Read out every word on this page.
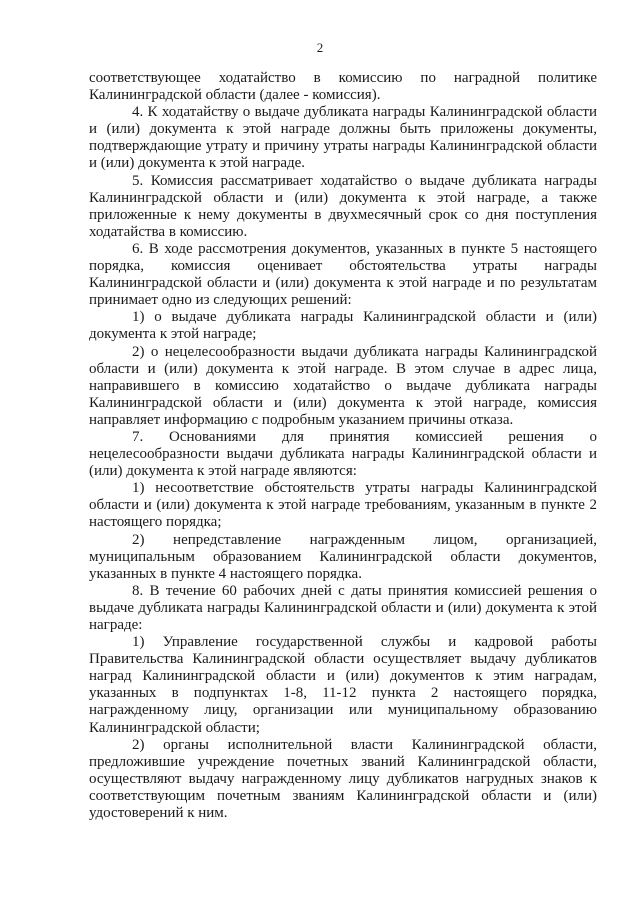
2

соответствующее ходатайство в комиссию по наградной политике Калининградской области (далее - комиссия).

4. К ходатайству о выдаче дубликата награды Калининградской области и (или) документа к этой награде должны быть приложены документы, подтверждающие утрату и причину утраты награды Калининградской области и (или) документа к этой награде.

5. Комиссия рассматривает ходатайство о выдаче дубликата награды Калининградской области и (или) документа к этой награде, а также приложенные к нему документы в двухмесячный срок со дня поступления ходатайства в комиссию.

6. В ходе рассмотрения документов, указанных в пункте 5 настоящего порядка, комиссия оценивает обстоятельства утраты награды Калининградской области и (или) документа к этой награде и по результатам принимает одно из следующих решений:

1) о выдаче дубликата награды Калининградской области и (или) документа к этой награде;

2) о нецелесообразности выдачи дубликата награды Калининградской области и (или) документа к этой награде. В этом случае в адрес лица, направившего в комиссию ходатайство о выдаче дубликата награды Калининградской области и (или) документа к этой награде, комиссия направляет информацию с подробным указанием причины отказа.

7. Основаниями для принятия комиссией решения о нецелесообразности выдачи дубликата награды Калининградской области и (или) документа к этой награде являются:

1) несоответствие обстоятельств утраты награды Калининградской области и (или) документа к этой награде требованиям, указанным в пункте 2 настоящего порядка;

2) непредставление награжденным лицом, организацией, муниципальным образованием Калининградской области документов, указанных в пункте 4 настоящего порядка.

8. В течение 60 рабочих дней с даты принятия комиссией решения о выдаче дубликата награды Калининградской области и (или) документа к этой награде:

1) Управление государственной службы и кадровой работы Правительства Калининградской области осуществляет выдачу дубликатов наград Калининградской области и (или) документов к этим наградам, указанных в подпунктах 1-8, 11-12 пункта 2 настоящего порядка, награжденному лицу, организации или муниципальному образованию Калининградской области;

2) органы исполнительной власти Калининградской области, предложившие учреждение почетных званий Калининградской области, осуществляют выдачу награжденному лицу дубликатов нагрудных знаков к соответствующим почетным званиям Калининградской области и (или) удостоверений к ним.
